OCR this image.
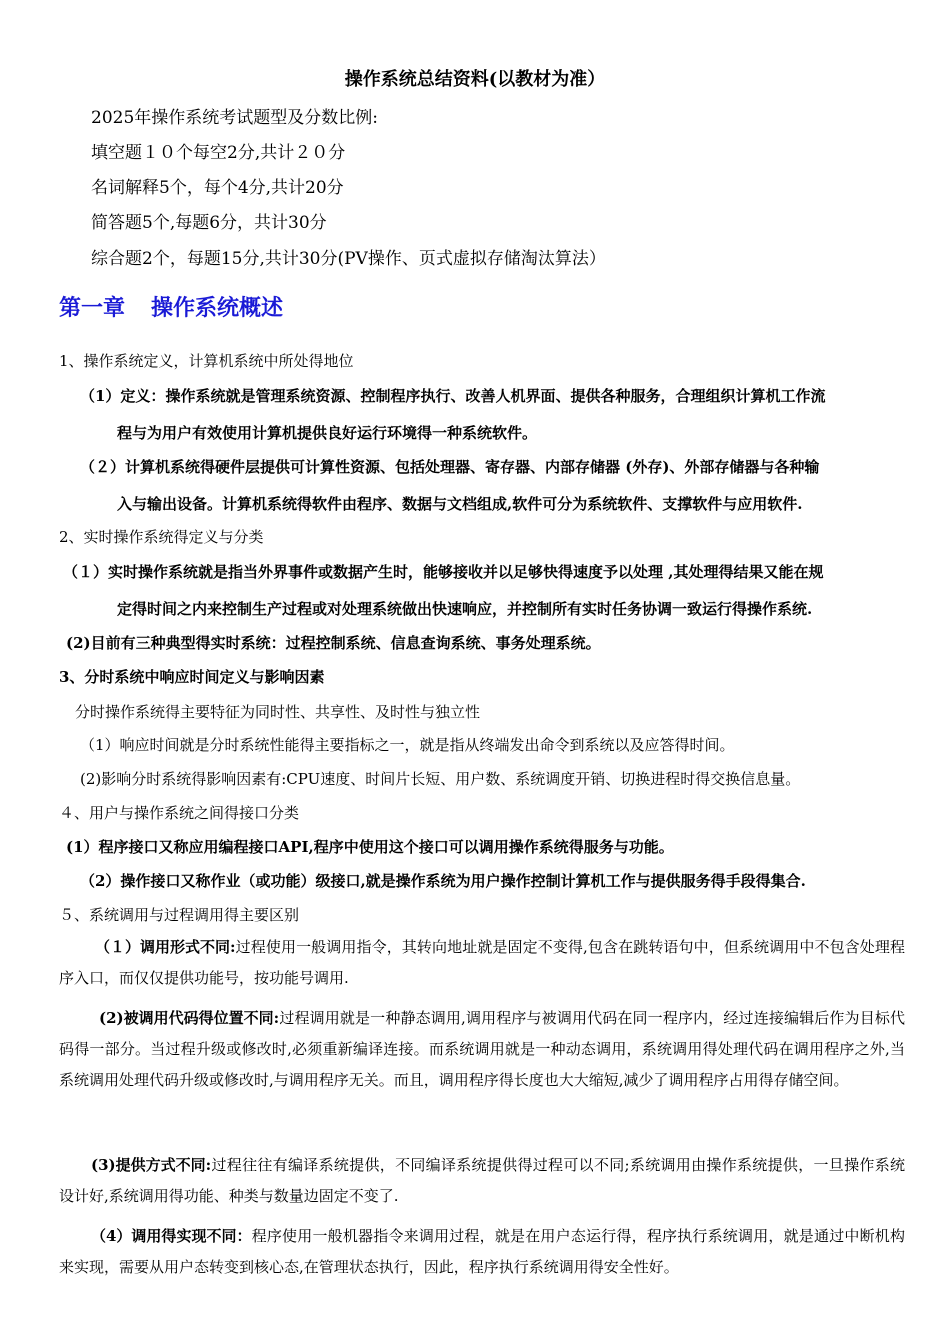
操作系统总结资料(以教材为准）
2025年操作系统考试题型及分数比例:
填空题１０个每空2分,共计２０分
名词解释5个，每个4分,共计20分
简答题5个,每题6分，共计30分
综合题2个，每题15分,共计30分(PⅤ操作、页式虚拟存储淘汰算法）
第一章 操作系统概述
1、操作系统定义，计算机系统中所处得地位
（1）定义：操作系统就是管理系统资源、控制程序执行、改善人机界面、提供各种服务，合理组织计算机工作流
程与为用户有效使用计算机提供良好运行环境得一种系统软件。
（２）计算机系统得硬件层提供可计算性资源、包括处理器、寄存器、内部存储器 (外存)、外部存储器与各种输
入与输出设备。计算机系统得软件由程序、数据与文档组成,软件可分为系统软件、支撑软件与应用软件.
2、实时操作系统得定义与分类
（１）实时操作系统就是指当外界事件或数据产生时，能够接收并以足够快得速度予以处理 ,其处理得结果又能在规
定得时间之内来控制生产过程或对处理系统做出快速响应，并控制所有实时任务协调一致运行得操作系统.
(2)目前有三种典型得实时系统：过程控制系统、信息查询系统、事务处理系统。
3、分时系统中响应时间定义与影响因素
分时操作系统得主要特征为同时性、共享性、及时性与独立性
（1）响应时间就是分时系统性能得主要指标之一，就是指从终端发出命令到系统以及应答得时间。
(2)影响分时系统得影响因素有:CPU速度、时间片长短、用户数、系统调度开销、切换进程时得交换信息量。
４、用户与操作系统之间得接口分类
(1）程序接口又称应用编程接口API,程序中使用这个接口可以调用操作系统得服务与功能。
（2）操作接口又称作业（或功能）级接口,就是操作系统为用户操作控制计算机工作与提供服务得手段得集合.
５、系统调用与过程调用得主要区别
（１）调用形式不同:过程使用一般调用指令，其转向地址就是固定不变得,包含在跳转语句中，但系统调用中不包含处理程序入口，而仅仅提供功能号，按功能号调用.
(2)被调用代码得位置不同:过程调用就是一种静态调用,调用程序与被调用代码在同一程序内，经过连接编辑后作为目标代码得一部分。当过程升级或修改时,必须重新编译连接。而系统调用就是一种动态调用，系统调用得处理代码在调用程序之外,当系统调用处理代码升级或修改时,与调用程序无关。而且，调用程序得长度也大大缩短,减少了调用程序占用得存储空间。
(3)提供方式不同:过程往往有编译系统提供，不同编译系统提供得过程可以不同;系统调用由操作系统提供，一旦操作系统设计好,系统调用得功能、种类与数量边固定不变了.
（4）调用得实现不同：程序使用一般机器指令来调用过程，就是在用户态运行得，程序执行系统调用，就是通过中断机构来实现，需要从用户态转变到核心态,在管理状态执行，因此，程序执行系统调用得安全性好。
